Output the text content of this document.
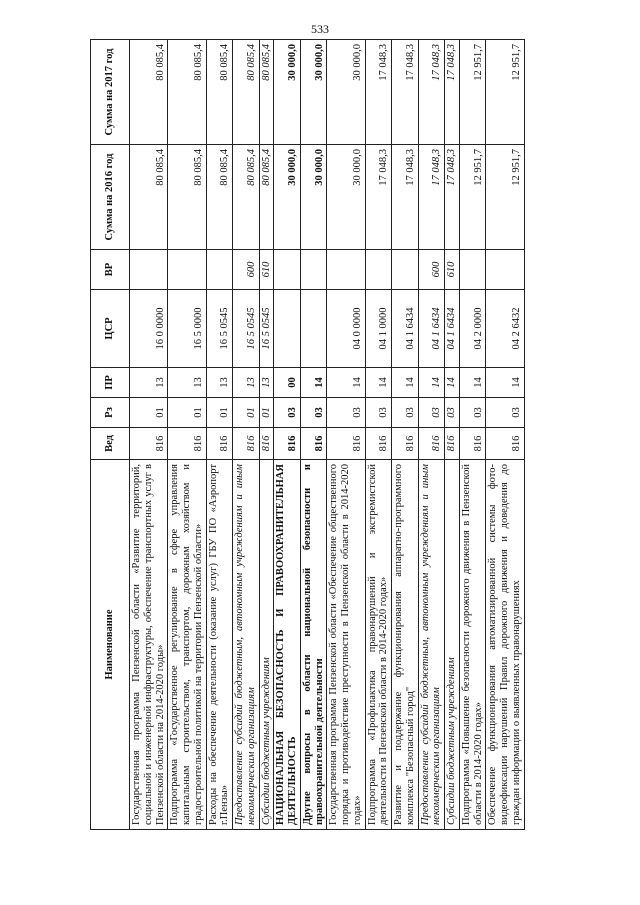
533
Наименование	Вед	Рз	ПР	ЦСР	ВР	Сумма на 2016 год	Сумма на 2017 год
Государственная программа Пензенской области «Развитие территорий, социальной и инженерной инфраструктуры, обеспечение транспортных услуг в Пензенской области на 2014-2020 годы»	816	01	13	16 0 0000		80 085,4	80 085,4
Подпрограмма «Государственное регулирование в сфере управления капитальным строительством, транспортом, дорожным хозяйством и градостроительной политикой на территории Пензенской области»	816	01	13	16 5 0000		80 085,4	80 085,4
Расходы на обеспечение деятельности (оказание услуг) ГБУ ПО «Аэропорт г.Пензы»	816	01	13	16 5 0545		80 085,4	80 085,4
Предоставление субсидий бюджетным, автономным учреждениям и иным некоммерческим организациям	816	01	13	16 5 0545	600	80 085,4	80 085,4
Субсидии бюджетным учреждениям	816	01	13	16 5 0545	610	80 085,4	80 085,4
НАЦИОНАЛЬНАЯ БЕЗОПАСНОСТЬ И ПРАВООХРАНИТЕЛЬНАЯ ДЕЯТЕЛЬНОСТЬ	816	03	00			30 000,0	30 000,0
Другие вопросы в области национальной безопасности и правоохранительной деятельности	816	03	14			30 000,0	30 000,0
Государственная программа Пензенской области «Обеспечение общественного порядка и противодействие преступности в Пензенской области в 2014-2020 годах»	816	03	14	04 0 0000		30 000,0	30 000,0
Подпрограмма «Профилактика правонарушений и экстремистской деятельности в Пензенской области в 2014-2020 годах»	816	03	14	04 1 0000		17 048,3	17 048,3
Развитие и поддержание функционирования аппаратно-программного комплекса "Безопасный город"	816	03	14	04 1 6434		17 048,3	17 048,3
Предоставление субсидий бюджетным, автономным учреждениям и иным некоммерческим организациям	816	03	14	04 1 6434	600	17 048,3	17 048,3
Субсидии бюджетным учреждениям	816	03	14	04 1 6434	610	17 048,3	17 048,3
Подпрограмма «Повышение безопасности дорожного движения в Пензенской области в 2014-2020 годах»	816	03	14	04 2 0000		12 951,7	12 951,7
Обеспечение функционирования автоматизированной системы фото-видеофиксации нарушений Правил дорожного движения и доведения до граждан информации о выявленных правонарушениях	816	03	14	04 2 6432		12 951,7	12 951,7
